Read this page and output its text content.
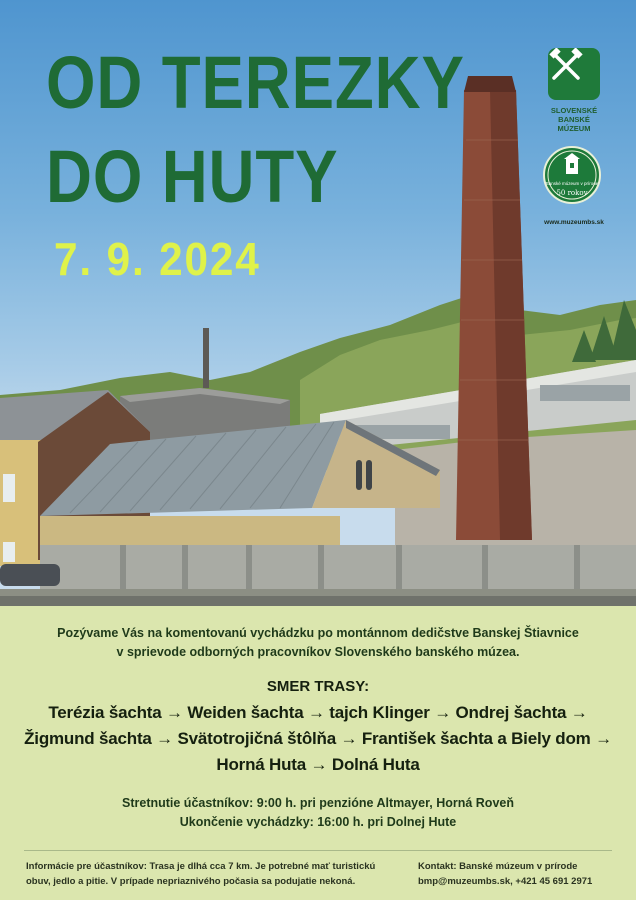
OD TEREZKY
DO HUTY
7. 9. 2024
SLOVENSKÉ
BANSKÉ
MÚZEUM
Banské múzeum v prírode
50 rokov
www.muzeumbs.sk
Pozývame Vás na komentovanú vychádzku po montánnom dedičstve Banskej Štiavnice
v sprievode odborných pracovníkov Slovenského banského múzea.
SMER TRASY:
Terézia šachta → Weiden šachta → tajch Klinger → Ondrej šachta →
Žigmund šachta → Svätotrojičná štôlňa → František šachta a Biely dom →
Horná Huta → Dolná Huta
Stretnutie účastníkov: 9:00 h. pri penzióne Altmayer, Horná Roveň
Ukončenie vychádzky: 16:00 h. pri Dolnej Hute
Informácie pre účastníkov: Trasa je dlhá cca 7 km. Je potrebné mať turistickú
obuv, jedlo a pitie. V prípade nepriaznivého počasia sa podujatie nekoná.
Kontakt: Banské múzeum v prírode
bmp@muzeumbs.sk, +421 45 691 2971
